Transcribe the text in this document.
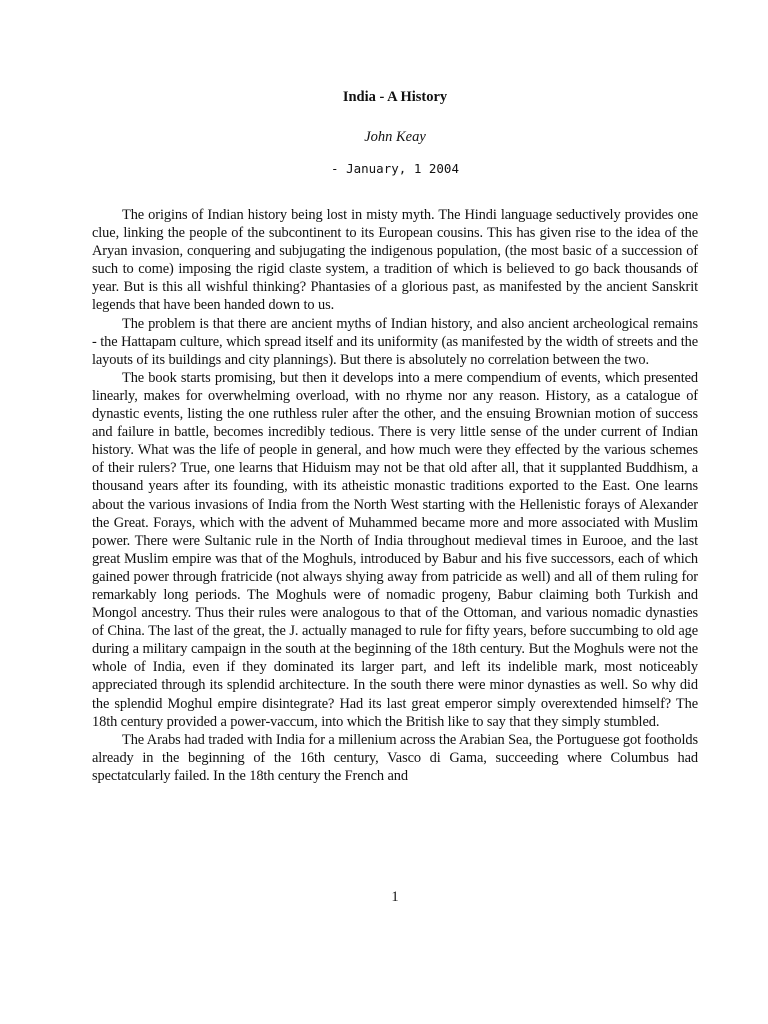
India - A History
John Keay
- January, 1 2004

The origins of Indian history being lost in misty myth. The Hindi language seductively provides one clue, linking the people of the subcontinent to its European cousins. This has given rise to the idea of the Aryan invasion, conquering and subjugating the indigenous population, (the most basic of a succession of such to come) imposing the rigid claste system, a tradition of which is believed to go back thousands of year. But is this all wishful thinking? Phantasies of a glorious past, as manifested by the ancient Sanskrit legends that have been handed down to us.

The problem is that there are ancient myths of Indian history, and also ancient archeological remains - the Hattapam culture, which spread itself and its uniformity (as manifested by the width of streets and the layouts of its buildings and city plannings). But there is absolutely no correlation between the two.

The book starts promising, but then it develops into a mere compendium of events, which presented linearly, makes for overwhelming overload, with no rhyme nor any reason. History, as a catalogue of dynastic events, listing the one ruthless ruler after the other, and the ensuing Brownian motion of success and failure in battle, becomes incredibly tedious. There is very little sense of the under current of Indian history. What was the life of people in general, and how much were they effected by the various schemes of their rulers? True, one learns that Hiduism may not be that old after all, that it supplanted Buddhism, a thousand years after its founding, with its atheistic monastic traditions exported to the East. One learns about the various invasions of India from the North West starting with the Hellenistic forays of Alexander the Great. Forays, which with the advent of Muhammed became more and more associated with Muslim power. There were Sultanic rule in the North of India throughout medieval times in Eurooe, and the last great Muslim empire was that of the Moghuls, introduced by Babur and his five successors, each of which gained power through fratricide (not always shying away from patricide as well) and all of them ruling for remarkably long periods. The Moghuls were of nomadic progeny, Babur claiming both Turkish and Mongol ancestry. Thus their rules were analogous to that of the Ottoman, and various nomadic dynasties of China. The last of the great, the J. actually managed to rule for fifty years, before succumbing to old age during a military campaign in the south at the beginning of the 18th century. But the Moghuls were not the whole of India, even if they dominated its larger part, and left its indelible mark, most noticeably appreciated through its splendid architecture. In the south there were minor dynasties as well. So why did the splendid Moghul empire disintegrate? Had its last great emperor simply overextended himself? The 18th century provided a power-vaccum, into which the British like to say that they simply stumbled.

The Arabs had traded with India for a millenium across the Arabian Sea, the Portuguese got footholds already in the beginning of the 16th century, Vasco di Gama, succeeding where Columbus had spectatcularly failed. In the 18th century the French and

1
